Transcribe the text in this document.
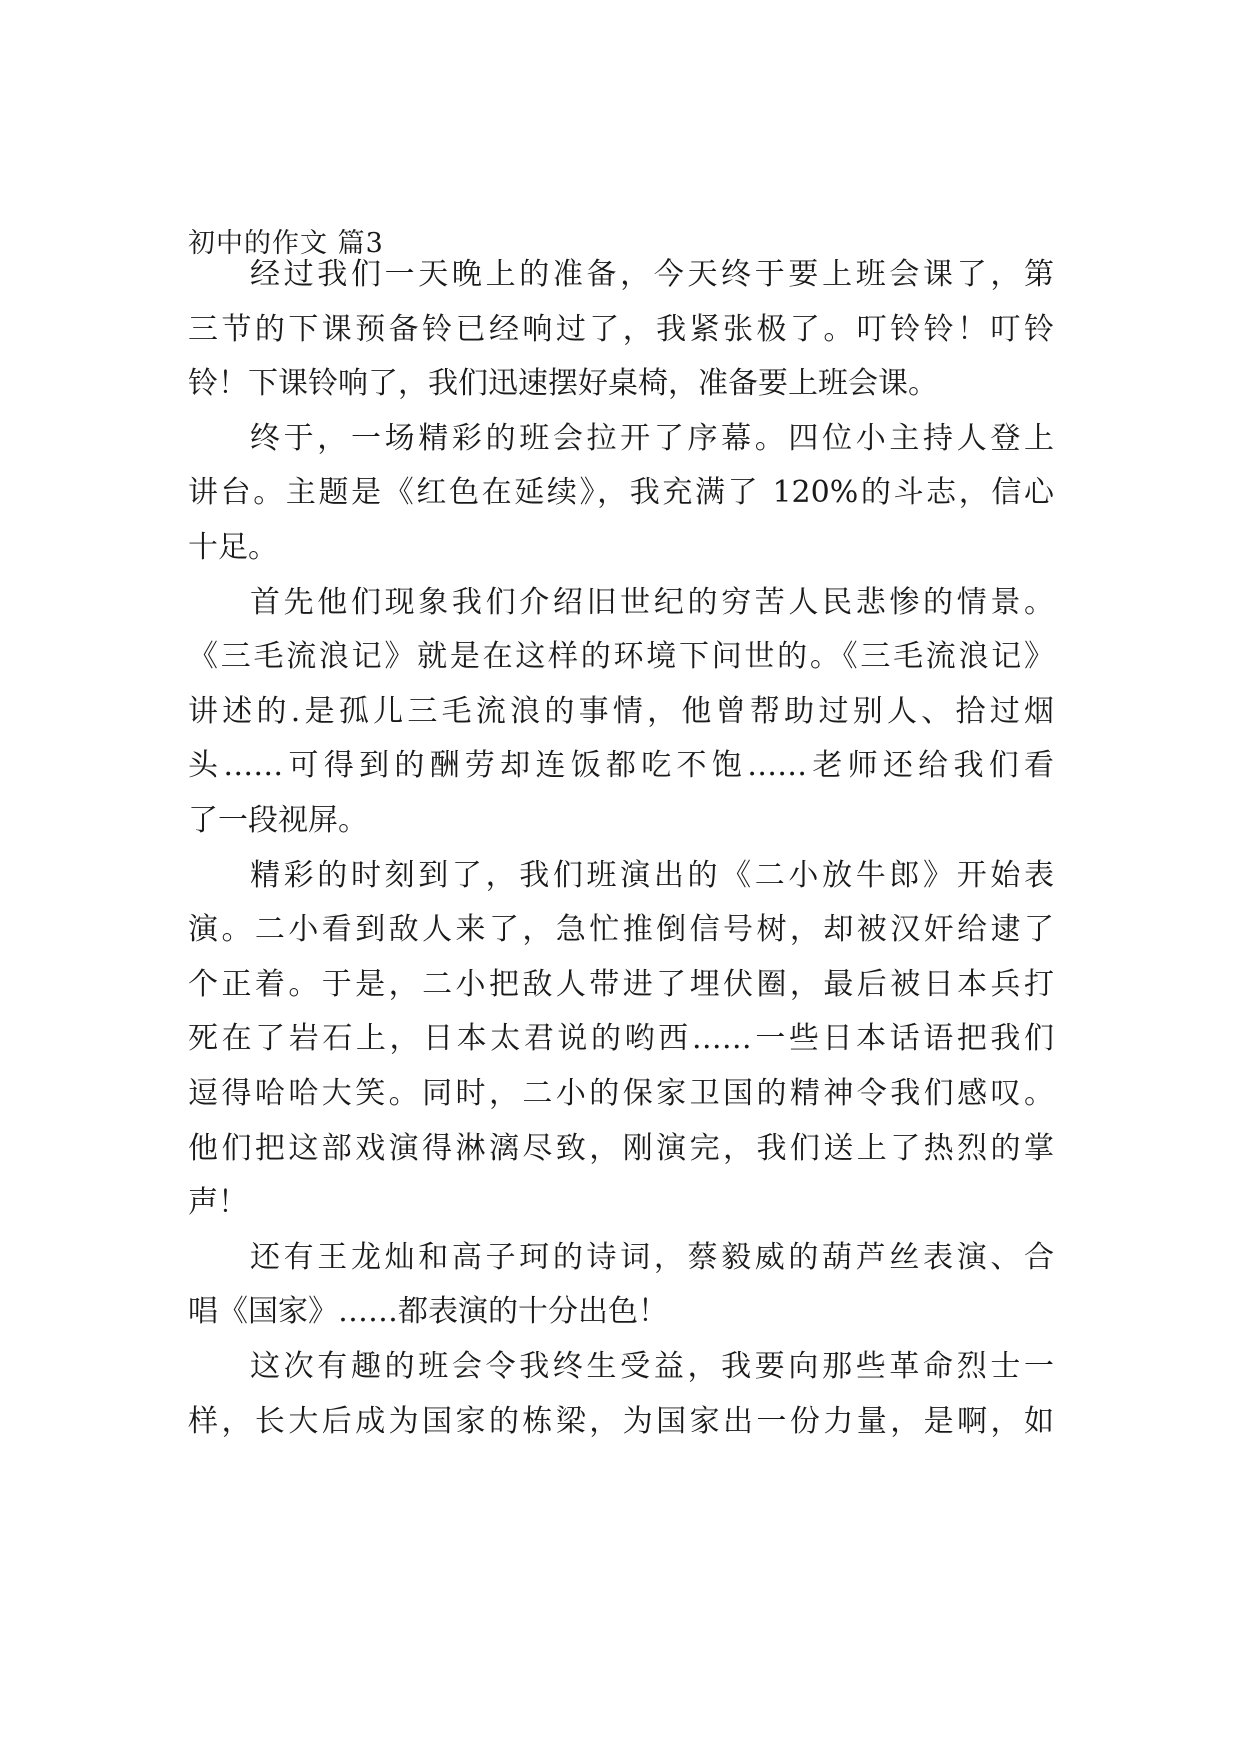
初中的作文 篇3
经过我们一天晚上的准备，今天终于要上班会课了，第
三节的下课预备铃已经响过了，我紧张极了。叮铃铃！叮铃
铃！下课铃响了，我们迅速摆好桌椅，准备要上班会课。
终于，一场精彩的班会拉开了序幕。四位小主持人登上
讲台。主题是《红色在延续》，我充满了 120%的斗志，信心
十足。
首先他们现象我们介绍旧世纪的穷苦人民悲惨的情景。
《三毛流浪记》就是在这样的环境下问世的。《三毛流浪记》
讲述的.是孤儿三毛流浪的事情，他曾帮助过别人、拾过烟
头……可得到的酬劳却连饭都吃不饱……老师还给我们看
了一段视屏。
精彩的时刻到了，我们班演出的《二小放牛郎》开始表
演。二小看到敌人来了，急忙推倒信号树，却被汉奸给逮了
个正着。于是，二小把敌人带进了埋伏圈，最后被日本兵打
死在了岩石上，日本太君说的哟西……一些日本话语把我们
逗得哈哈大笑。同时，二小的保家卫国的精神令我们感叹。
他们把这部戏演得淋漓尽致，刚演完，我们送上了热烈的掌
声！
还有王龙灿和高子珂的诗词，蔡毅威的葫芦丝表演、合
唱《国家》……都表演的十分出色！
这次有趣的班会令我终生受益，我要向那些革命烈士一
样，长大后成为国家的栋梁，为国家出一份力量，是啊，如
